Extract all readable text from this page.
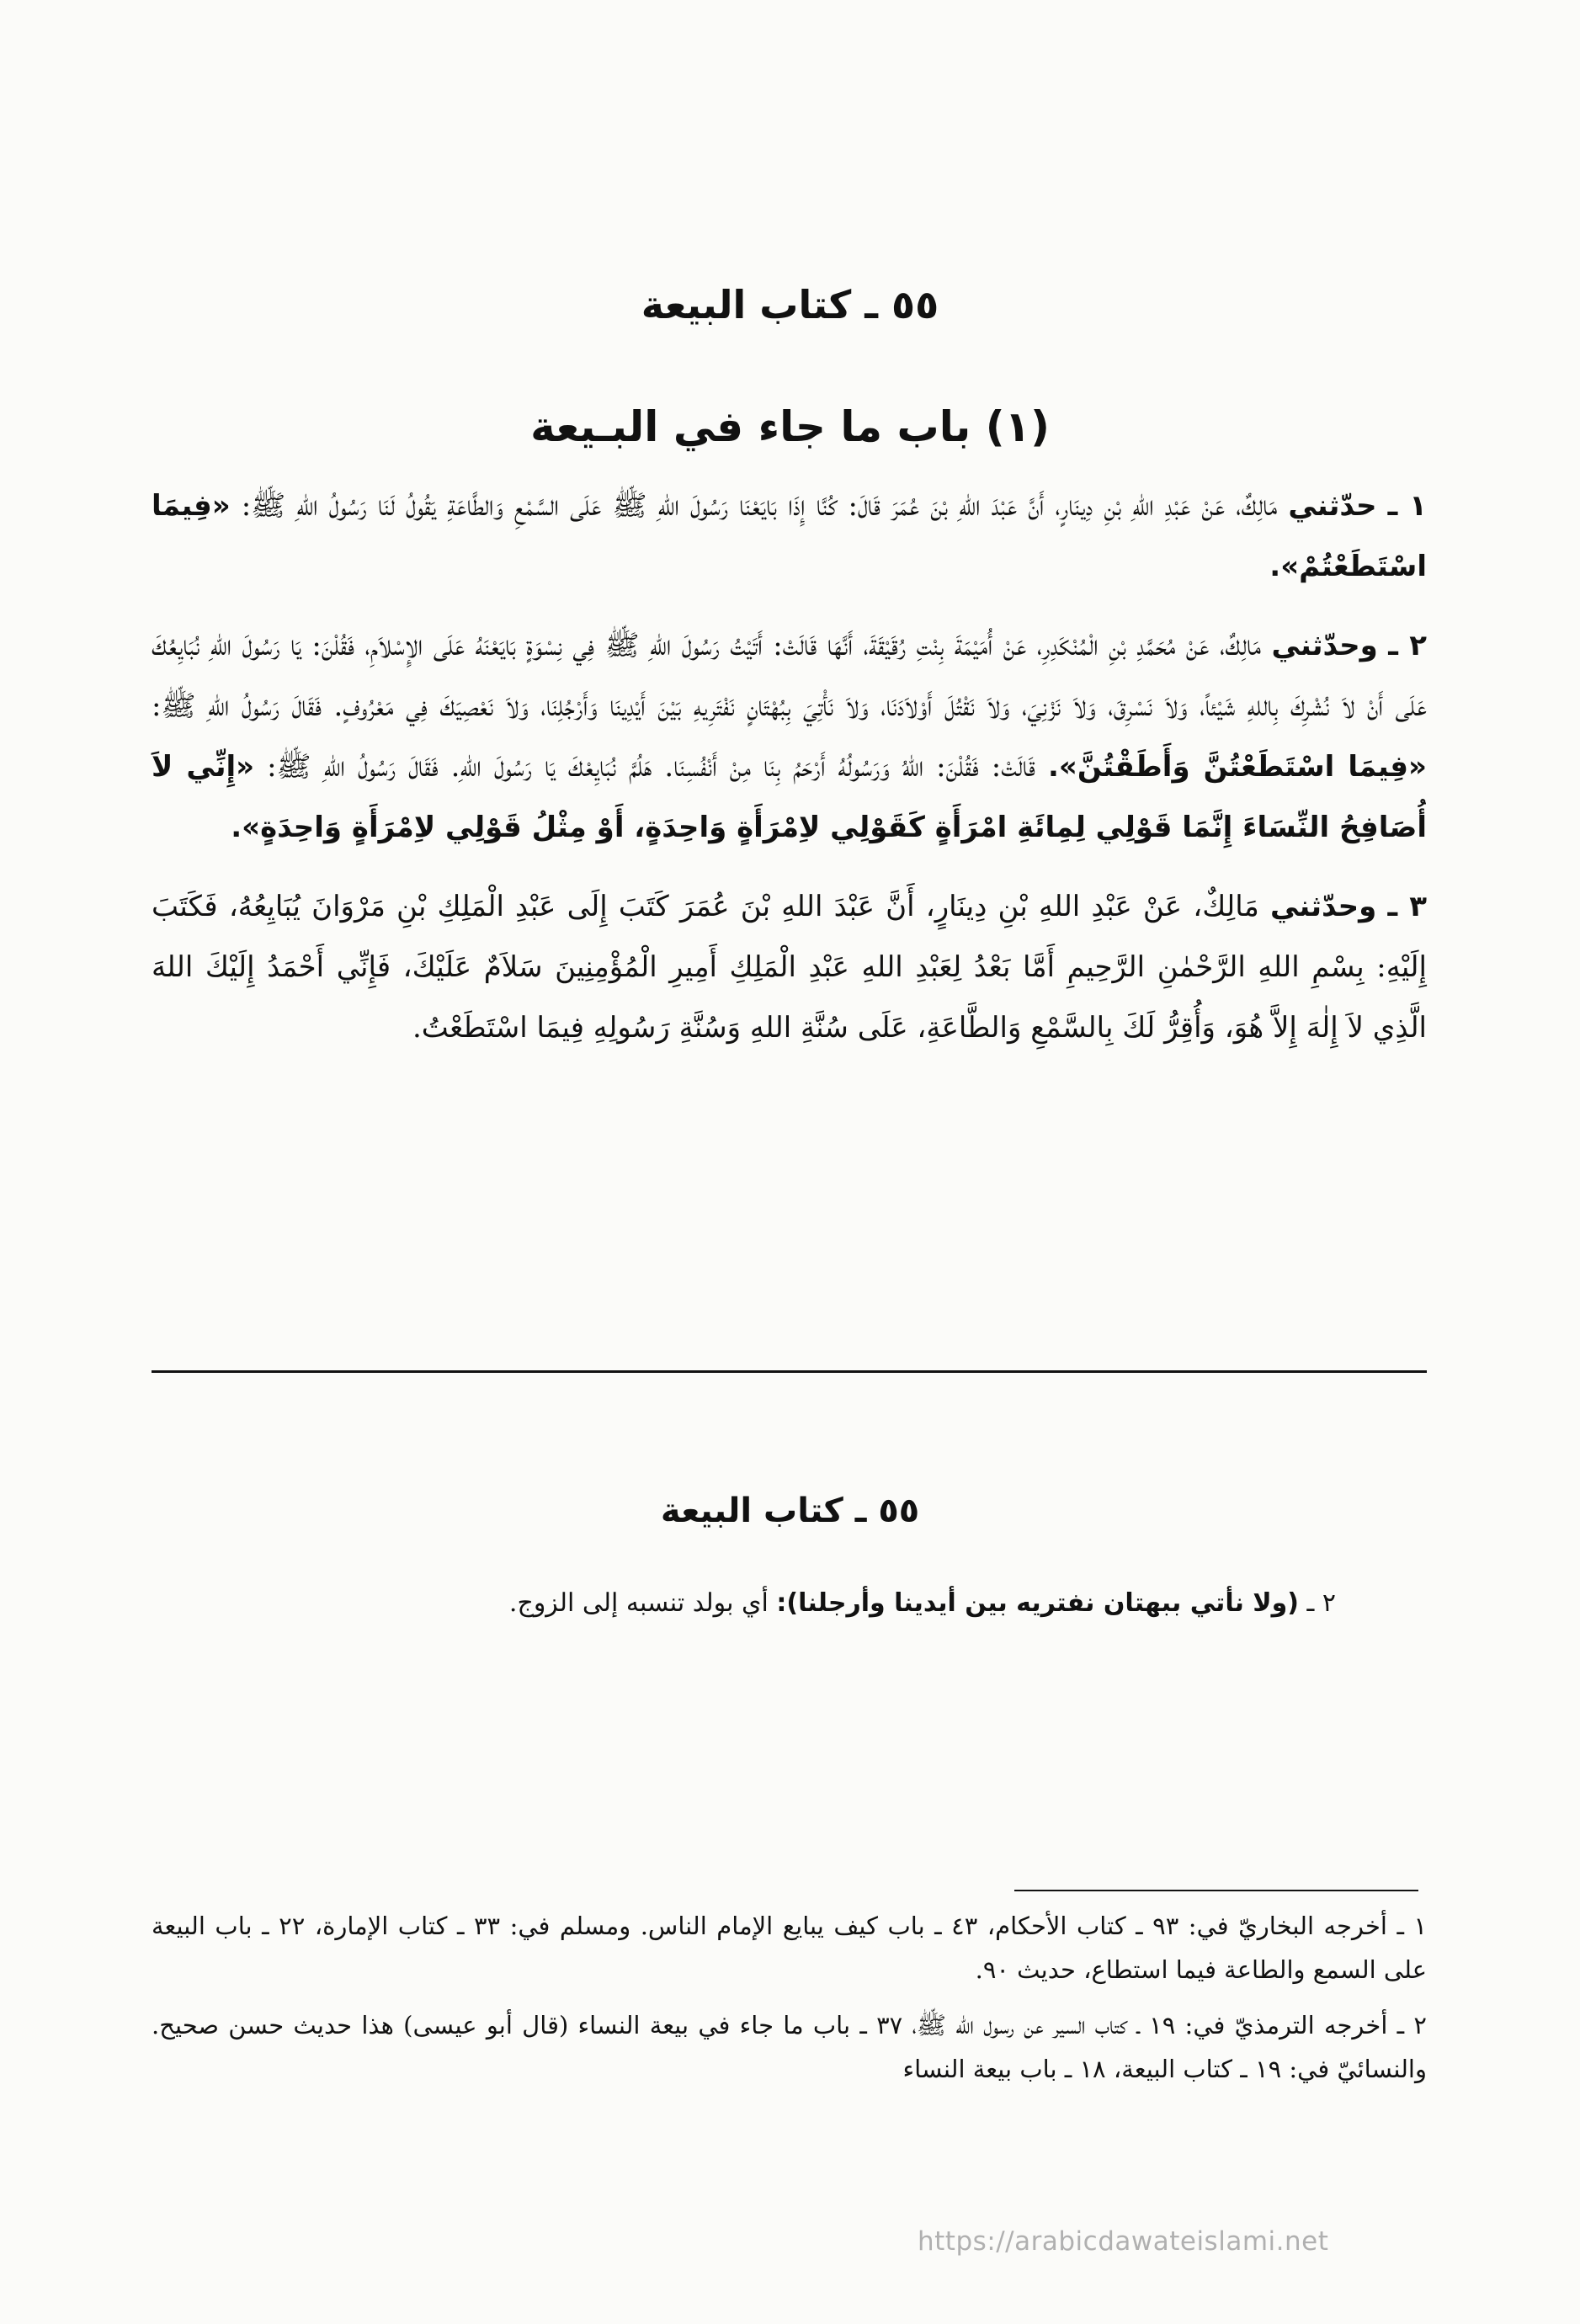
٥٥ ـ كتاب البيعة
(١) باب ما جاء في البـيعة

١ ـ حدّثني مَالِكٌ، عَنْ عَبْدِ اللهِ بْنِ دِينَارٍ، أَنَّ عَبْدَ اللهِ بْنَ عُمَرَ قَالَ: كُنَّا إِذَا بَايَعْنَا رَسُولَ اللهِ ﷺ عَلَى السَّمْعِ وَالطَّاعَةِ يَقُولُ لَنَا رَسُولُ اللهِ ﷺ: «فِيمَا اسْتَطَعْتُمْ».

٢ ـ وحدّثني مَالِكٌ، عَنْ مُحَمَّدِ بْنِ الْمُنْكَدِرِ، عَنْ أُمَيْمَةَ بِنْتِ رُقَيْقَةَ، أَنَّهَا قَالَتْ: أَتَيْتُ رَسُولَ اللهِ ﷺ فِي نِسْوَةٍ بَايَعْنَهُ عَلَى الإِسْلاَمِ، فَقُلْنَ: يَا رَسُولَ اللهِ نُبَايِعُكَ عَلَى أَنْ لاَ نُشْرِكَ بِاللهِ شَيْئاً، وَلاَ نَسْرِقَ، وَلاَ نَزْنِيَ، وَلاَ نَقْتُلَ أَوْلاَدَنَا، وَلاَ نَأْتِيَ بِبُهْتَانٍ نَفْتَرِيهِ بَيْنَ أَيْدِينَا وَأَرْجُلِنَا، وَلاَ نَعْصِيَكَ فِي مَعْرُوفٍ. فَقَالَ رَسُولُ اللهِ ﷺ: «فِيمَا اسْتَطَعْتُنَّ وَأَطَقْتُنَّ». قَالَتْ: فَقُلْنَ: اللهُ وَرَسُولُهُ أَرْحَمُ بِنَا مِنْ أَنْفُسِنَا. هَلُمَّ نُبَايِعْكَ يَا رَسُولَ اللهِ. فَقَالَ رَسُولُ اللهِ ﷺ: «إِنِّي لاَ أُصَافِحُ النِّسَاءَ إِنَّمَا قَوْلِي لِمِائَةِ امْرَأَةٍ كَقَوْلِي لاِمْرَأَةٍ وَاحِدَةٍ، أَوْ مِثْلُ قَوْلِي لاِمْرَأَةٍ وَاحِدَةٍ».

٣ ـ وحدّثني مَالِكٌ، عَنْ عَبْدِ اللهِ بْنِ دِينَارٍ، أَنَّ عَبْدَ اللهِ بْنَ عُمَرَ كَتَبَ إِلَى عَبْدِ الْمَلِكِ بْنِ مَرْوَانَ يُبَايِعُهُ، فَكَتَبَ إِلَيْهِ: بِسْمِ اللهِ الرَّحْمٰنِ الرَّحِيمِ أَمَّا بَعْدُ لِعَبْدِ اللهِ عَبْدِ الْمَلِكِ أَمِيرِ الْمُؤْمِنِينَ سَلاَمٌ عَلَيْكَ، فَإِنِّي أَحْمَدُ إِلَيْكَ اللهَ الَّذِي لاَ إِلٰهَ إِلاَّ هُوَ، وَأُقِرُّ لَكَ بِالسَّمْعِ وَالطَّاعَةِ، عَلَى سُنَّةِ اللهِ وَسُنَّةِ رَسُولِهِ فِيمَا اسْتَطَعْتُ.

٥٥ ـ كتاب البيعة
٢ ـ (ولا نأتي ببهتان نفتريه بين أيدينا وأرجلنا): أي بولد تنسبه إلى الزوج.

١ ـ أخرجه البخاريّ في: ٩٣ ـ كتاب الأحكام، ٤٣ ـ باب كيف يبايع الإمام الناس. ومسلم في: ٣٣ ـ كتاب الإمارة، ٢٢ ـ باب البيعة على السمع والطاعة فيما استطاع، حديث ٩٠.

٢ ـ أخرجه الترمذيّ في: ١٩ ـ كتاب السير عن رسول الله ﷺ، ٣٧ ـ باب ما جاء في بيعة النساء (قال أبو عيسى) هذا حديث حسن صحيح. والنسائيّ في: ١٩ ـ كتاب البيعة، ١٨ ـ باب بيعة النساء

https://arabicdawateislami.net
